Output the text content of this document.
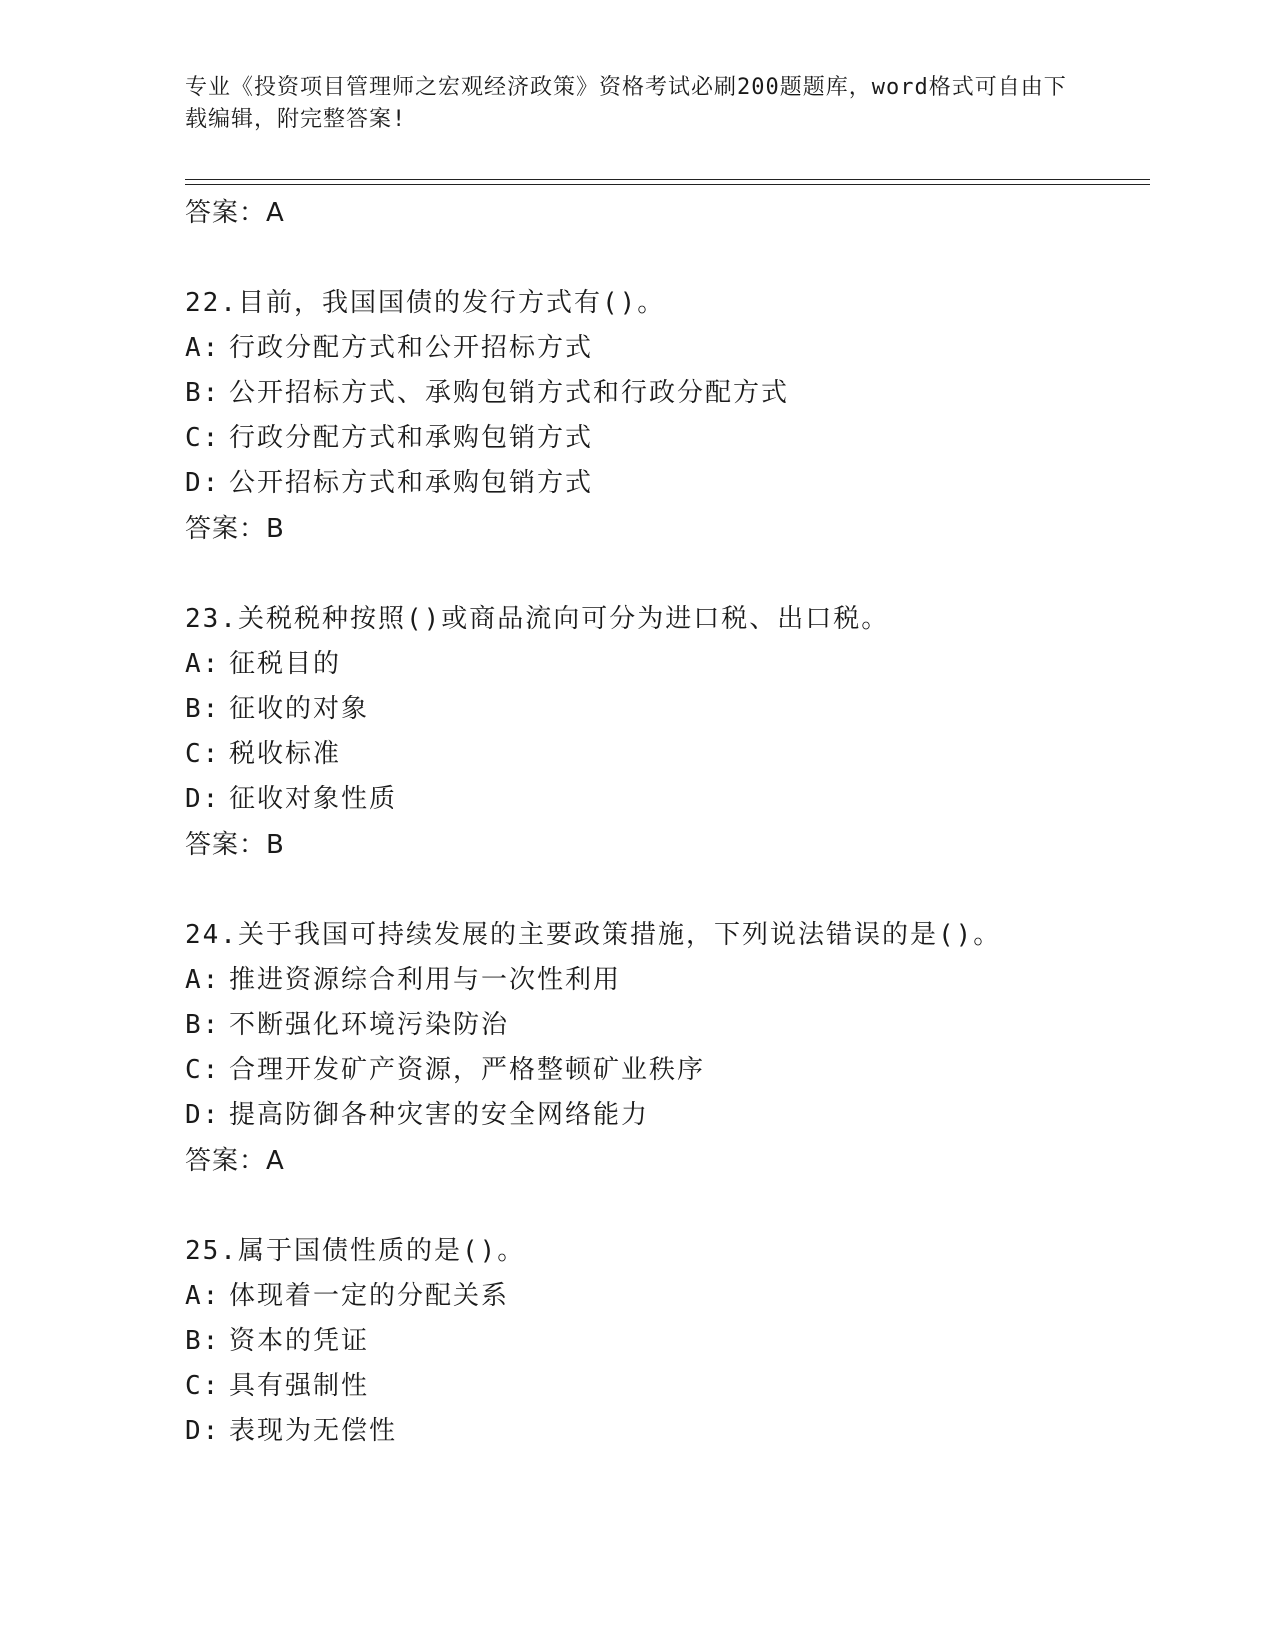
专业《投资项目管理师之宏观经济政策》资格考试必刷200题题库，word格式可自由下载编辑，附完整答案!
答案：A
22.目前，我国国债的发行方式有()。
A: 行政分配方式和公开招标方式
B: 公开招标方式、承购包销方式和行政分配方式
C: 行政分配方式和承购包销方式
D: 公开招标方式和承购包销方式
答案：B
23.关税税种按照()或商品流向可分为进口税、出口税。
A: 征税目的
B: 征收的对象
C: 税收标准
D: 征收对象性质
答案：B
24.关于我国可持续发展的主要政策措施，下列说法错误的是()。
A: 推进资源综合利用与一次性利用
B: 不断强化环境污染防治
C: 合理开发矿产资源，严格整顿矿业秩序
D: 提高防御各种灾害的安全网络能力
答案：A
25.属于国债性质的是()。
A: 体现着一定的分配关系
B: 资本的凭证
C: 具有强制性
D: 表现为无偿性
